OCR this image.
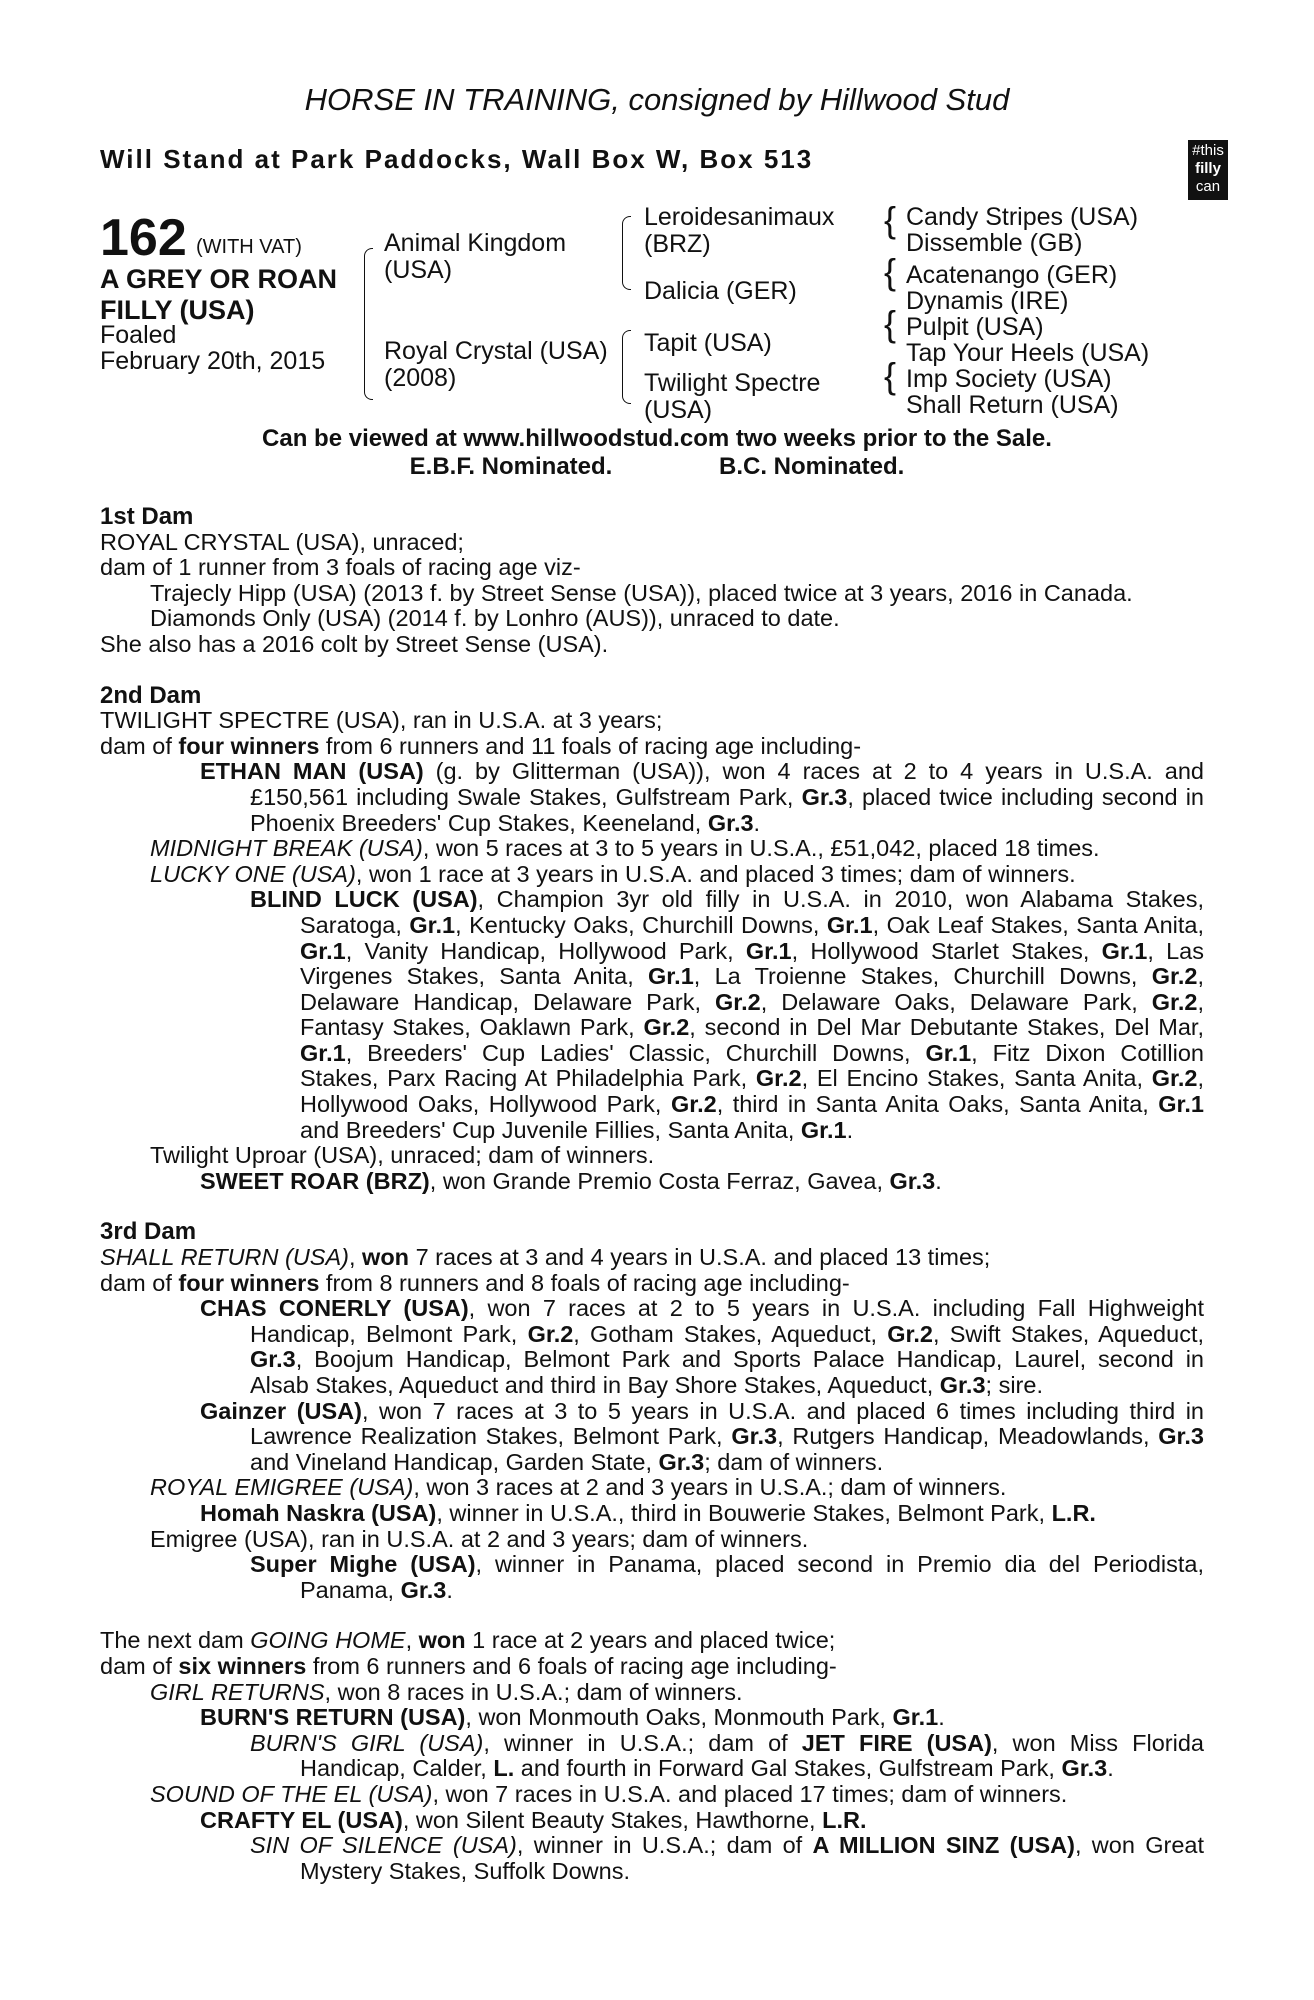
HORSE IN TRAINING, consigned by Hillwood Stud
Will Stand at Park Paddocks, Wall Box W, Box 513	#this
filly
can
162 (WITH VAT)
A GREY OR ROAN
FILLY (USA)
Foaled
February 20th, 2015
{
{
{
{
Animal Kingdom
(USA)
Royal Crystal (USA)
(2008)
Leroidesanimaux
(BRZ)
Dalicia (GER)
Tapit (USA)
Twilight Spectre
(USA)
Candy Stripes (USA)
Dissemble (GB)
Acatenango (GER)
Dynamis (IRE)
Pulpit (USA)
Tap Your Heels (USA)
Imp Society (USA)
Shall Return (USA)
Can be viewed at www.hillwoodstud.com two weeks prior to the Sale.
E.B.F. Nominated.	B.C. Nominated.

1st Dam

ROYAL CRYSTAL (USA), unraced;

dam of 1 runner from 3 foals of racing age viz-

Trajecly Hipp (USA) (2013 f. by Street Sense (USA)), placed twice at 3 years, 2016 in Canada.

Diamonds Only (USA) (2014 f. by Lonhro (AUS)), unraced to date.

She also has a 2016 colt by Street Sense (USA).

2nd Dam

TWILIGHT SPECTRE (USA), ran in U.S.A. at 3 years;

dam of four winners from 6 runners and 11 foals of racing age including-

ETHAN MAN (USA) (g. by Glitterman (USA)), won 4 races at 2 to 4 years in U.S.A. and £150,561 including Swale Stakes, Gulfstream Park, Gr.3, placed twice including second in Phoenix Breeders' Cup Stakes, Keeneland, Gr.3.

MIDNIGHT BREAK (USA), won 5 races at 3 to 5 years in U.S.A., £51,042, placed 18 times.

LUCKY ONE (USA), won 1 race at 3 years in U.S.A. and placed 3 times; dam of winners.

BLIND LUCK (USA), Champion 3yr old filly in U.S.A. in 2010, won Alabama Stakes, Saratoga, Gr.1, Kentucky Oaks, Churchill Downs, Gr.1, Oak Leaf Stakes, Santa Anita, Gr.1, Vanity Handicap, Hollywood Park, Gr.1, Hollywood Starlet Stakes, Gr.1, Las Virgenes Stakes, Santa Anita, Gr.1, La Troienne Stakes, Churchill Downs, Gr.2, Delaware Handicap, Delaware Park, Gr.2, Delaware Oaks, Delaware Park, Gr.2, Fantasy Stakes, Oaklawn Park, Gr.2, second in Del Mar Debutante Stakes, Del Mar, Gr.1, Breeders' Cup Ladies' Classic, Churchill Downs, Gr.1, Fitz Dixon Cotillion Stakes, Parx Racing At Philadelphia Park, Gr.2, El Encino Stakes, Santa Anita, Gr.2, Hollywood Oaks, Hollywood Park, Gr.2, third in Santa Anita Oaks, Santa Anita, Gr.1 and Breeders' Cup Juvenile Fillies, Santa Anita, Gr.1.

Twilight Uproar (USA), unraced; dam of winners.

SWEET ROAR (BRZ), won Grande Premio Costa Ferraz, Gavea, Gr.3.

3rd Dam

SHALL RETURN (USA), won 7 races at 3 and 4 years in U.S.A. and placed 13 times;

dam of four winners from 8 runners and 8 foals of racing age including-

CHAS CONERLY (USA), won 7 races at 2 to 5 years in U.S.A. including Fall Highweight Handicap, Belmont Park, Gr.2, Gotham Stakes, Aqueduct, Gr.2, Swift Stakes, Aqueduct, Gr.3, Boojum Handicap, Belmont Park and Sports Palace Handicap, Laurel, second in Alsab Stakes, Aqueduct and third in Bay Shore Stakes, Aqueduct, Gr.3; sire.

Gainzer (USA), won 7 races at 3 to 5 years in U.S.A. and placed 6 times including third in Lawrence Realization Stakes, Belmont Park, Gr.3, Rutgers Handicap, Meadowlands, Gr.3 and Vineland Handicap, Garden State, Gr.3; dam of winners.

ROYAL EMIGREE (USA), won 3 races at 2 and 3 years in U.S.A.; dam of winners.

Homah Naskra (USA), winner in U.S.A., third in Bouwerie Stakes, Belmont Park, L.R.

Emigree (USA), ran in U.S.A. at 2 and 3 years; dam of winners.

Super Mighe (USA), winner in Panama, placed second in Premio dia del Periodista, Panama, Gr.3.

The next dam GOING HOME, won 1 race at 2 years and placed twice;

dam of six winners from 6 runners and 6 foals of racing age including-

GIRL RETURNS, won 8 races in U.S.A.; dam of winners.

BURN'S RETURN (USA), won Monmouth Oaks, Monmouth Park, Gr.1.

BURN'S GIRL (USA), winner in U.S.A.; dam of JET FIRE (USA), won Miss Florida Handicap, Calder, L. and fourth in Forward Gal Stakes, Gulfstream Park, Gr.3.

SOUND OF THE EL (USA), won 7 races in U.S.A. and placed 17 times; dam of winners.

CRAFTY EL (USA), won Silent Beauty Stakes, Hawthorne, L.R.

SIN OF SILENCE (USA), winner in U.S.A.; dam of A MILLION SINZ (USA), won Great Mystery Stakes, Suffolk Downs.
